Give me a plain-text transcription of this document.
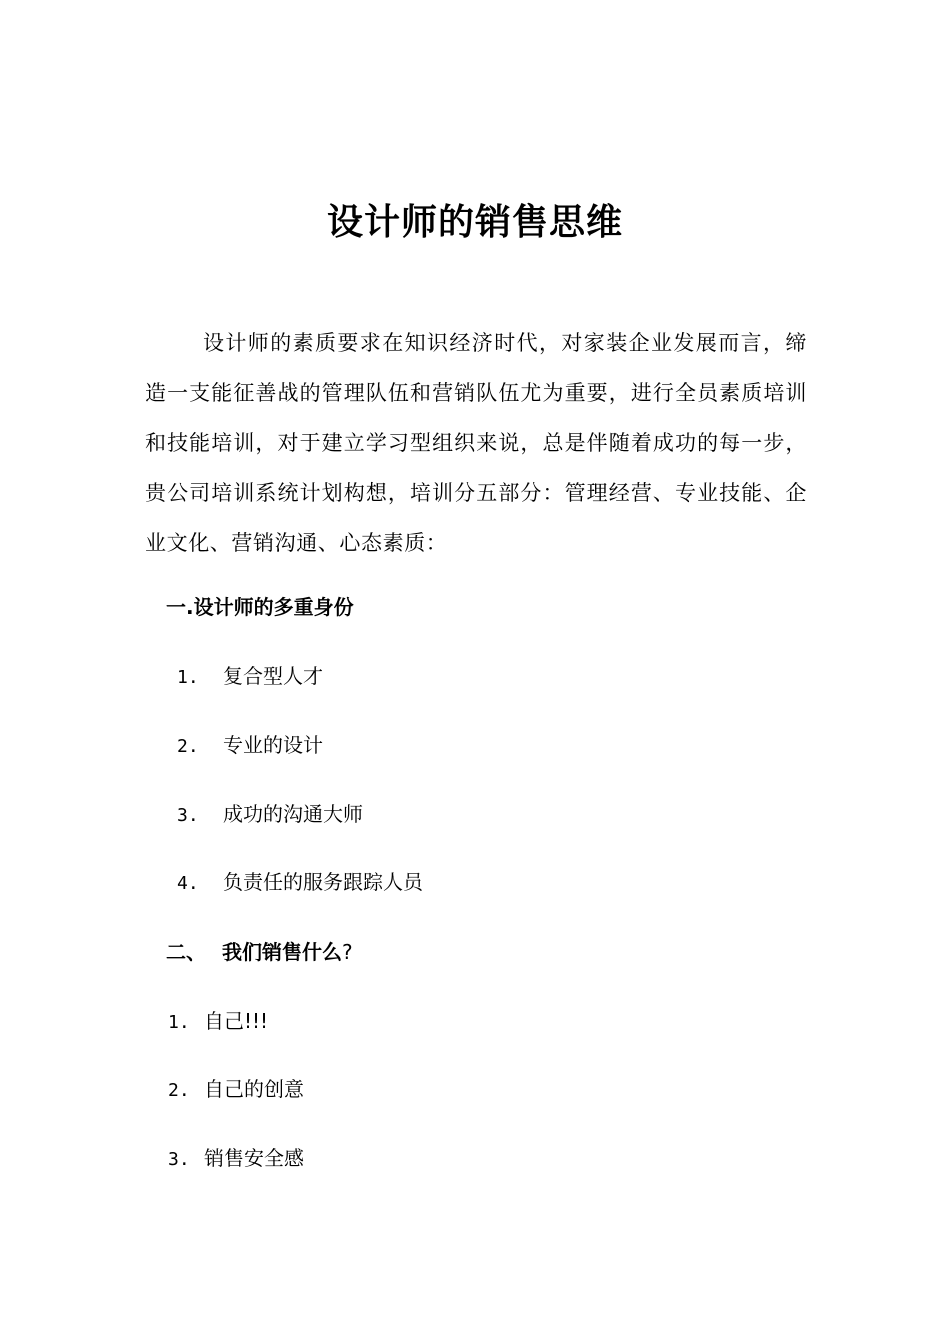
设计师的销售思维
设计师的素质要求在知识经济时代，对家装企业发展而言，缔造一支能征善战的管理队伍和营销队伍尤为重要，进行全员素质培训和技能培训，对于建立学习型组织来说，总是伴随着成功的每一步，贵公司培训系统计划构想，培训分五部分：管理经营、专业技能、企业文化、营销沟通、心态素质：
一.设计师的多重身份
1. 复合型人才
2. 专业的设计
3. 成功的沟通大师
4. 负责任的服务跟踪人员
二、 我们销售什么?
1. 自己!!!
2. 自己的创意
3. 销售安全感
